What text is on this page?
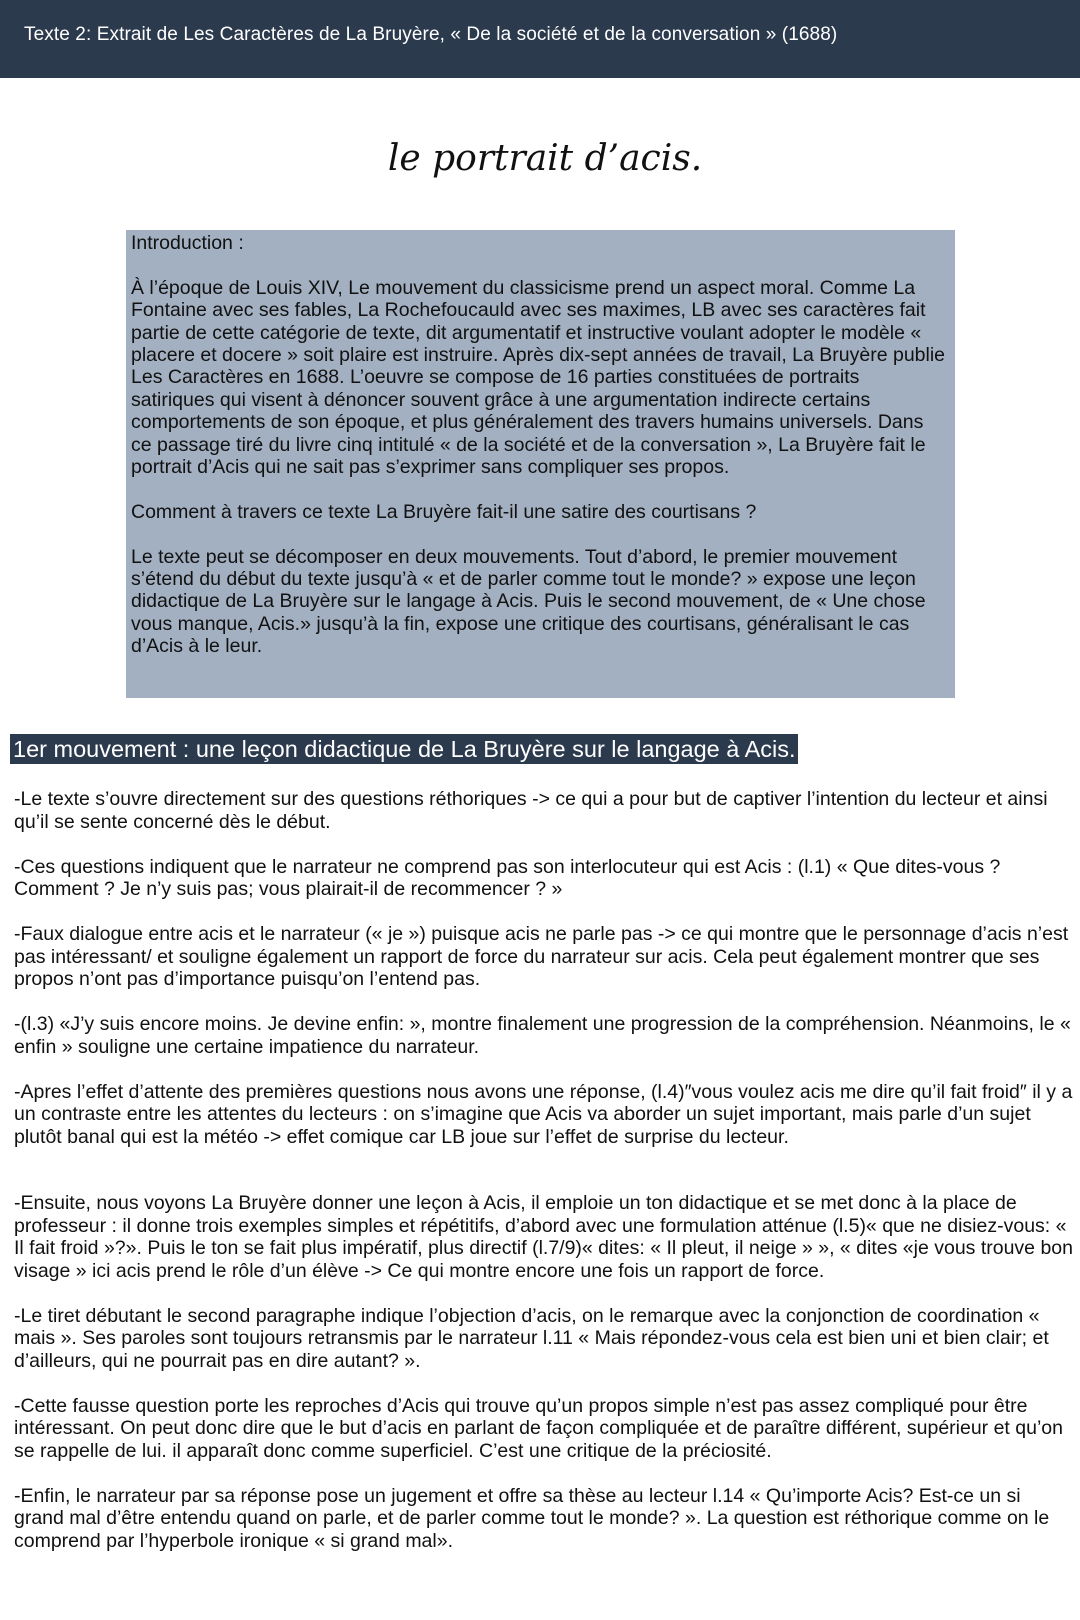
Texte 2: Extrait de Les Caractères de La Bruyère, « De la société et de la conversation » (1688)
le portrait d’acis.

Introduction :

À l’époque de Louis XIV, Le mouvement du classicisme prend un aspect moral. Comme La Fontaine avec ses fables, La Rochefoucauld avec ses maximes, LB avec ses caractères fait partie de cette catégorie de texte, dit argumentatif et instructive voulant adopter le modèle « placere et docere » soit plaire est instruire. Après dix-sept années de travail, La Bruyère publie Les Caractères en 1688. L’oeuvre se compose de 16 parties constituées de portraits satiriques qui visent à dénoncer souvent grâce à une argumentation indirecte certains comportements de son époque, et plus généralement des travers humains universels. Dans ce passage tiré du livre cinq intitulé « de la société et de la conversation », La Bruyère fait le portrait d’Acis qui ne sait pas s’exprimer sans compliquer ses propos.

Comment à travers ce texte La Bruyère fait-il une satire des courtisans ?

Le texte peut se décomposer en deux mouvements. Tout d’abord, le premier mouvement s’étend du début du texte jusqu’à « et de parler comme tout le monde? » expose une leçon didactique de La Bruyère sur le langage à Acis. Puis le second mouvement, de « Une chose vous manque, Acis.» jusqu’à la fin, expose une critique des courtisans, généralisant le cas d’Acis à le leur.

1er mouvement : une leçon didactique de La Bruyère sur le langage à Acis.

-Le texte s’ouvre directement sur des questions réthoriques -> ce qui a pour but de captiver l’intention du lecteur et ainsi qu’il se sente concerné dès le début.

-Ces questions indiquent que le narrateur ne comprend pas son interlocuteur qui est Acis : (l.1) « Que dites-vous ? Comment ? Je n’y suis pas; vous plairait-il de recommencer ? »

-Faux dialogue entre acis et le narrateur (« je ») puisque acis ne parle pas -> ce qui montre que le personnage d’acis n’est pas intéressant/ et souligne également un rapport de force du narrateur sur acis. Cela peut également montrer que ses propos n’ont pas d’importance puisqu’on l’entend pas.

-(l.3) «J’y suis encore moins. Je devine enfin: », montre finalement une progression de la compréhension. Néanmoins, le « enfin » souligne une certaine impatience du narrateur.

-Apres l’effet d’attente des premières questions nous avons une réponse, (l.4)″vous voulez acis me dire qu’il fait froid″ il y a un contraste entre les attentes du lecteurs : on s’imagine que Acis va aborder un sujet important, mais parle d’un sujet plutôt banal qui est la météo -> effet comique car LB joue sur l’effet de surprise du lecteur.

-Ensuite, nous voyons La Bruyère donner une leçon à Acis, il emploie un ton didactique et se met donc à la place de professeur : il donne trois exemples simples et répétitifs, d’abord avec une formulation atténue (l.5)« que ne disiez-vous: « Il fait froid »?». Puis le ton se fait plus impératif, plus directif (l.7/9)« dites: « Il pleut, il neige » », « dites «je vous trouve bon visage » ici acis prend le rôle d’un élève -> Ce qui montre encore une fois un rapport de force.

-Le tiret débutant le second paragraphe indique l’objection d’acis, on le remarque avec la conjonction de coordination « mais ». Ses paroles sont toujours retransmis par le narrateur l.11 « Mais répondez-vous cela est bien uni et bien clair; et d’ailleurs, qui ne pourrait pas en dire autant? ».

-Cette fausse question porte les reproches d’Acis qui trouve qu’un propos simple n’est pas assez compliqué pour être intéressant. On peut donc dire que le but d’acis en parlant de façon compliquée et de paraître différent, supérieur et qu’on se rappelle de lui. il apparaît donc comme superficiel. C’est une critique de la préciosité.

-Enfin, le narrateur par sa réponse pose un jugement et offre sa thèse au lecteur l.14 « Qu’importe Acis? Est-ce un si grand mal d’être entendu quand on parle, et de parler comme tout le monde? ». La question est réthorique comme on le comprend par l’hyperbole ironique « si grand mal».
